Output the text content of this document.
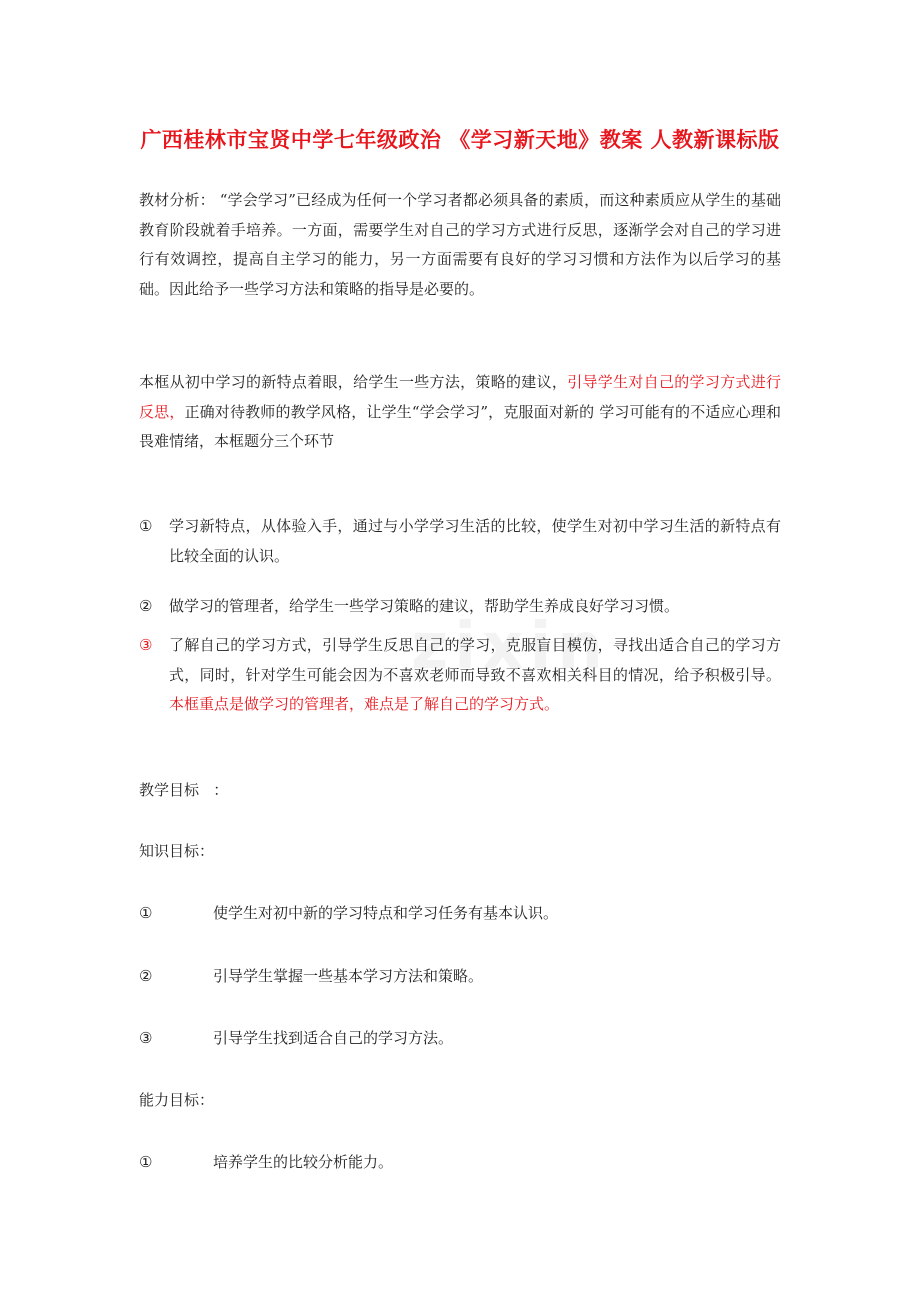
广西桂林市宝贤中学七年级政治 《学习新天地》教案 人教新课标版
教材分析： “学会学习”已经成为任何一个学习者都必须具备的素质，而这种素质应从学生的基础教育阶段就着手培养。一方面，需要学生对自己的学习方式进行反思，逐渐学会对自己的学习进行有效调控，提高自主学习的能力，另一方面需要有良好的学习习惯和方法作为以后学习的基础。因此给予一些学习方法和策略的指导是必要的。
本框从初中学习的新特点着眼，给学生一些方法，策略的建议，引导学生对自己的学习方式进行反思，正确对待教师的教学风格，让学生“学会学习”，克服面对新的 学习可能有的不适应心理和畏难情绪，本框题分三个环节
①	学习新特点，从体验入手，通过与小学学习生活的比较，使学生对初中学习生活的新特点有比较全面的认识。
②	做学习的管理者，给学生一些学习策略的建议，帮助学生养成良好学习习惯。
③	了解自己的学习方式，引导学生反思自己的学习，克服盲目模仿，寻找出适合自己的学习方式，同时，针对学生可能会因为不喜欢老师而导致不喜欢相关科目的情况，给予积极引导。本框重点是做学习的管理者，难点是了解自己的学习方式。
教学目标   ：
知识目标：
①	使学生对初中新的学习特点和学习任务有基本认识。
②	引导学生掌握一些基本学习方法和策略。
③	引导学生找到适合自己的学习方法。
能力目标：
①	培养学生的比较分析能力。
